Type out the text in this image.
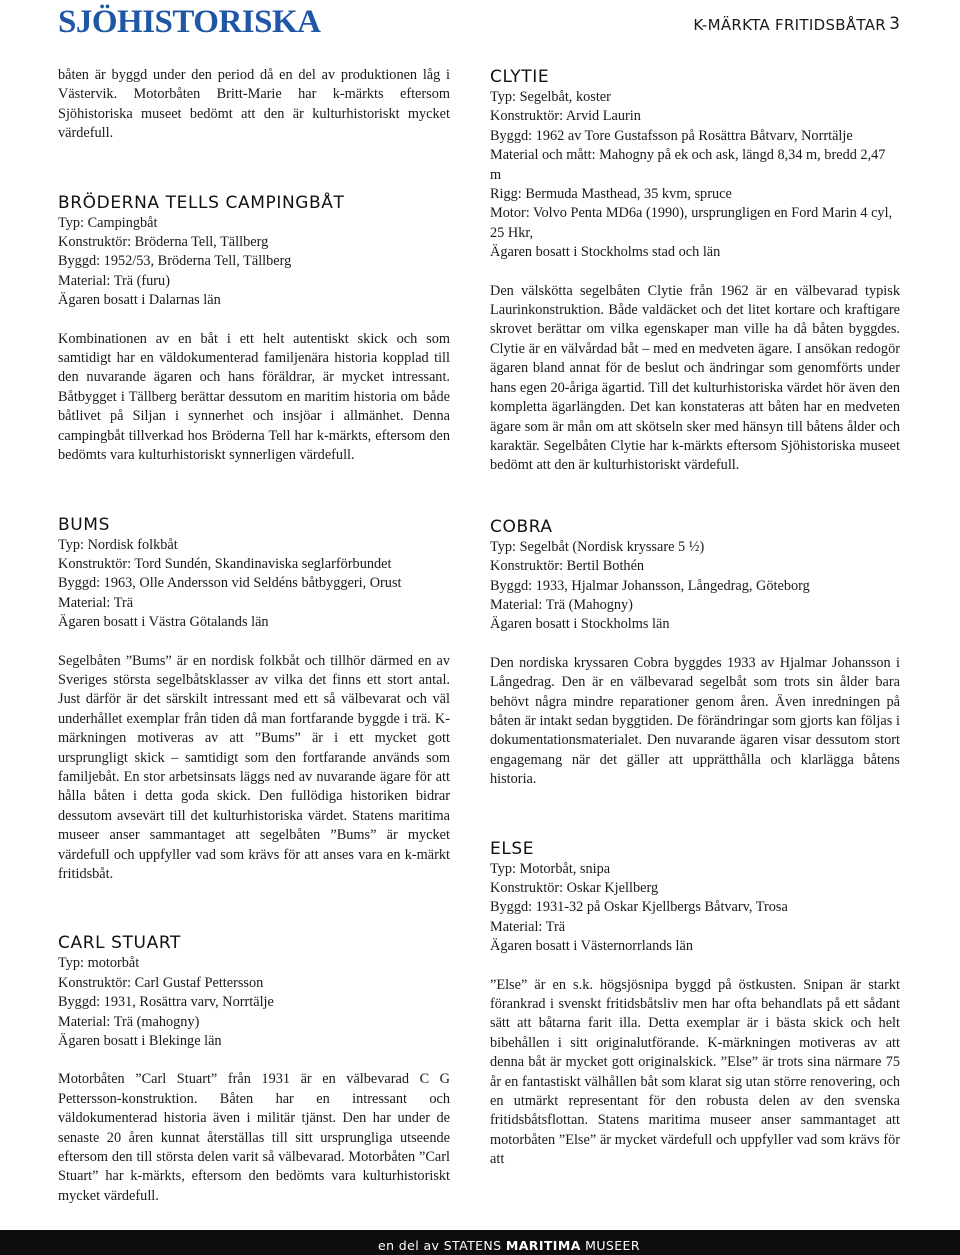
SJÖHISTORISKA	K-MÄRKTA FRITIDSBÅTAR 3

båten är byggd under den period då en del av produktionen låg i Västervik. Motorbåten Britt-Marie har k-märkts eftersom Sjöhistoriska museet bedömt att den är kulturhistoriskt mycket värdefull.

BRÖDERNA TELLS CAMPINGBÅT
Typ: Campingbåt
Konstruktör: Bröderna Tell, Tällberg
Byggd: 1952/53, Bröderna Tell, Tällberg
Material: Trä (furu)
Ägaren bosatt i Dalarnas län

Kombinationen av en båt i ett helt autentiskt skick och som samtidigt har en väldokumenterad familjenära historia kopplad till den nuvarande ägaren och hans föräldrar, är mycket intressant. Båtbygget i Tällberg berättar dessutom en maritim historia om både båtlivet på Siljan i synnerhet och insjöar i allmänhet. Denna campingbåt tillverkad hos Bröderna Tell har k-märkts, eftersom den bedömts vara kulturhistoriskt synnerligen värdefull.

BUMS
Typ: Nordisk folkbåt
Konstruktör: Tord Sundén, Skandinaviska seglarförbundet
Byggd: 1963, Olle Andersson vid Seldéns båtbyggeri, Orust
Material: Trä
Ägaren bosatt i Västra Götalands län

Segelbåten ”Bums” är en nordisk folkbåt och tillhör därmed en av Sveriges största segelbåtsklasser av vilka det finns ett stort antal. Just därför är det särskilt intressant med ett så välbevarat och väl underhållet exemplar från tiden då man fortfarande byggde i trä. K-märkningen motiveras av att ”Bums” är i ett mycket gott ursprungligt skick – samtidigt som den fortfarande används som familjebåt. En stor arbetsinsats läggs ned av nuvarande ägare för att hålla båten i detta goda skick. Den fullödiga historiken bidrar dessutom avsevärt till det kulturhistoriska värdet. Statens maritima museer anser sammantaget att segelbåten ”Bums” är mycket värdefull och uppfyller vad som krävs för att anses vara en k-märkt fritidsbåt.

CARL STUART
Typ: motorbåt
Konstruktör: Carl Gustaf Pettersson
Byggd: 1931, Rosättra varv, Norrtälje
Material: Trä (mahogny)
Ägaren bosatt i Blekinge län

Motorbåten ”Carl Stuart” från 1931 är en välbevarad C G Pettersson-konstruktion. Båten har en intressant och väldokumenterad historia även i militär tjänst. Den har under de senaste 20 åren kunnat återställas till sitt ursprungliga utseende eftersom den till största delen varit så välbevarad. Motorbåten ”Carl Stuart” har k-märkts, eftersom den bedömts vara kulturhistoriskt mycket värdefull.

CLYTIE
Typ: Segelbåt, koster
Konstruktör: Arvid Laurin
Byggd: 1962 av Tore Gustafsson på Rosättra Båtvarv, Norrtälje
Material och mått: Mahogny på ek och ask, längd 8,34 m, bredd 2,47 m
Rigg: Bermuda Masthead, 35 kvm, spruce
Motor: Volvo Penta MD6a (1990), ursprungligen en Ford Marin 4 cyl, 25 Hkr,
Ägaren bosatt i Stockholms stad och län

Den välskötta segelbåten Clytie från 1962 är en välbevarad typisk Laurinkonstruktion. Både valdäcket och det litet kortare och kraftigare skrovet berättar om vilka egenskaper man ville ha då båten byggdes. Clytie är en välvårdad båt – med en medveten ägare. I ansökan redogör ägaren bland annat för de beslut och ändringar som genomförts under hans egen 20-åriga ägartid. Till det kulturhistoriska värdet hör även den kompletta ägarlängden. Det kan konstateras att båten har en medveten ägare som är mån om att skötseln sker med hänsyn till båtens ålder och karaktär. Segelbåten Clytie har k-märkts eftersom Sjöhistoriska museet bedömt att den är kulturhistoriskt värdefull.

COBRA
Typ: Segelbåt (Nordisk kryssare 5 ½)
Konstruktör: Bertil Bothén
Byggd: 1933, Hjalmar Johansson, Långedrag, Göteborg
Material: Trä (Mahogny)
Ägaren bosatt i Stockholms län

Den nordiska kryssaren Cobra byggdes 1933 av Hjalmar Johansson i Långedrag. Den är en välbevarad segelbåt som trots sin ålder bara behövt några mindre reparationer genom åren. Även inredningen på båten är intakt sedan byggtiden. De förändringar som gjorts kan följas i dokumentationsmaterialet. Den nuvarande ägaren visar dessutom stort engagemang när det gäller att upprätthålla och klarlägga båtens historia.

ELSE
Typ: Motorbåt, snipa
Konstruktör: Oskar Kjellberg
Byggd: 1931-32 på Oskar Kjellbergs Båtvarv, Trosa
Material: Trä
Ägaren bosatt i Västernorrlands län

”Else” är en s.k. högsjösnipa byggd på östkusten. Snipan är starkt förankrad i svenskt fritidsbåtsliv men har ofta behandlats på ett sådant sätt att båtarna farit illa. Detta exemplar är i bästa skick och helt bibehållen i sitt originalutförande. K-märkningen motiveras av att denna båt är mycket gott originalskick. ”Else” är trots sina närmare 75 år en fantastiskt välhållen båt som klarat sig utan större renovering, och en utmärkt representant för den robusta delen av den svenska fritidsbåtsflottan. Statens maritima museer anser sammantaget att motorbåten ”Else” är mycket värdefull och uppfyller vad som krävs för att

en del av STATENS MARITIMA MUSEER
